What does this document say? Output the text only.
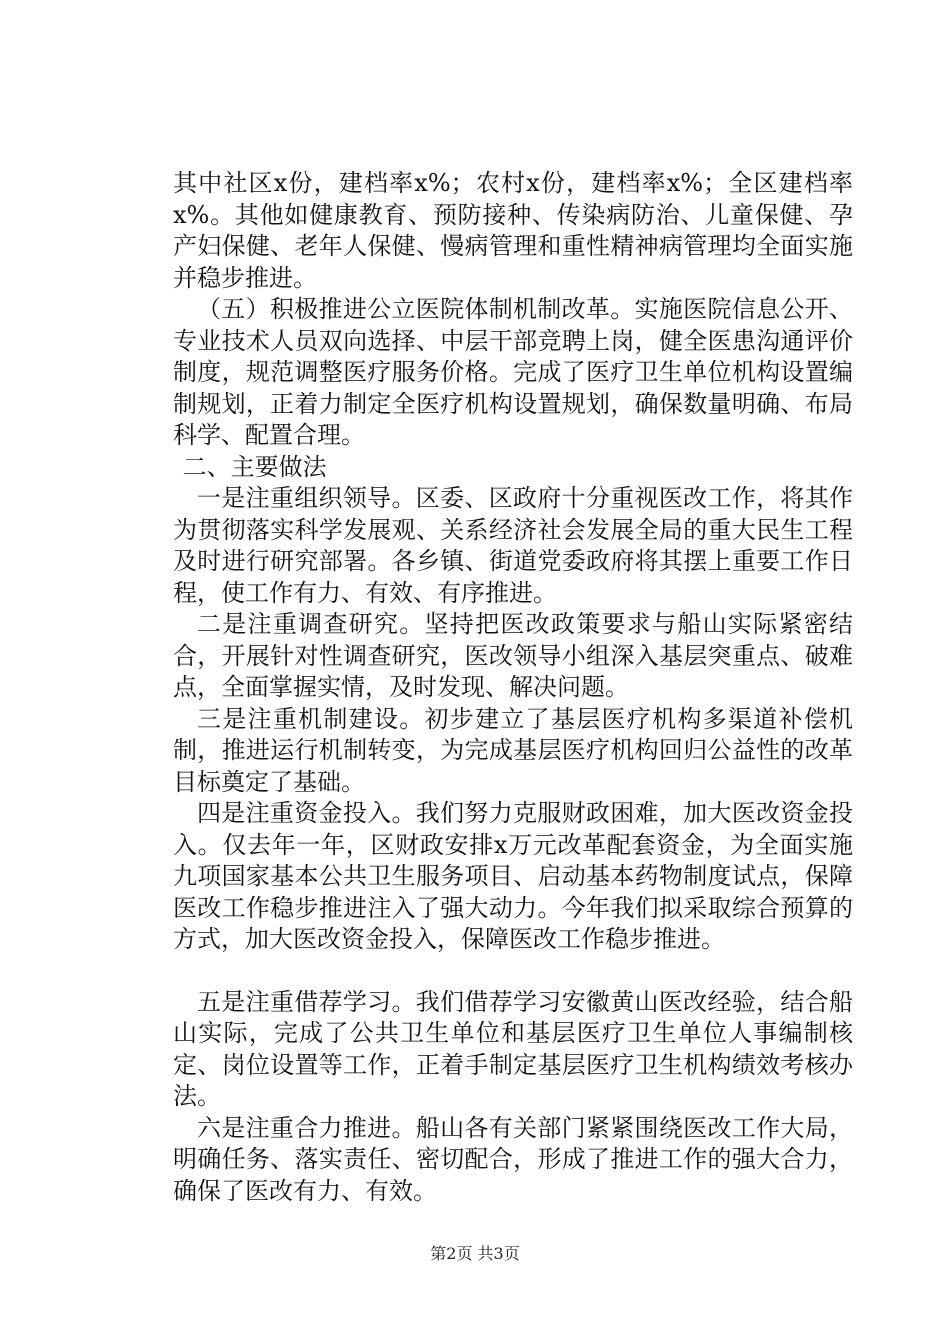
其中社区x份，建档率x%；农村x份，建档率x%；全区建档率x%。其他如健康教育、预防接种、传染病防治、儿童保健、孕产妇保健、老年人保健、慢病管理和重性精神病管理均全面实施并稳步推进。

（五）积极推进公立医院体制机制改革。实施医院信息公开、专业技术人员双向选择、中层干部竞聘上岗，健全医患沟通评价制度，规范调整医疗服务价格。完成了医疗卫生单位机构设置编制规划，正着力制定全医疗机构设置规划，确保数量明确、布局科学、配置合理。

二、主要做法

一是注重组织领导。区委、区政府十分重视医改工作，将其作为贯彻落实科学发展观、关系经济社会发展全局的重大民生工程及时进行研究部署。各乡镇、街道党委政府将其摆上重要工作日程，使工作有力、有效、有序推进。

二是注重调查研究。坚持把医改政策要求与船山实际紧密结合，开展针对性调查研究，医改领导小组深入基层突重点、破难点，全面掌握实情，及时发现、解决问题。

三是注重机制建设。初步建立了基层医疗机构多渠道补偿机制，推进运行机制转变，为完成基层医疗机构回归公益性的改革目标奠定了基础。

四是注重资金投入。我们努力克服财政困难，加大医改资金投入。仅去年一年，区财政安排x万元改革配套资金，为全面实施九项国家基本公共卫生服务项目、启动基本药物制度试点，保障医改工作稳步推进注入了强大动力。今年我们拟采取综合预算的方式，加大医改资金投入，保障医改工作稳步推进。

五是注重借荐学习。我们借荐学习安徽黄山医改经验，结合船山实际，完成了公共卫生单位和基层医疗卫生单位人事编制核定、岗位设置等工作，正着手制定基层医疗卫生机构绩效考核办法。

六是注重合力推进。船山各有关部门紧紧围绕医改工作大局，明确任务、落实责任、密切配合，形成了推进工作的强大合力，确保了医改有力、有效。

第2页 共3页
